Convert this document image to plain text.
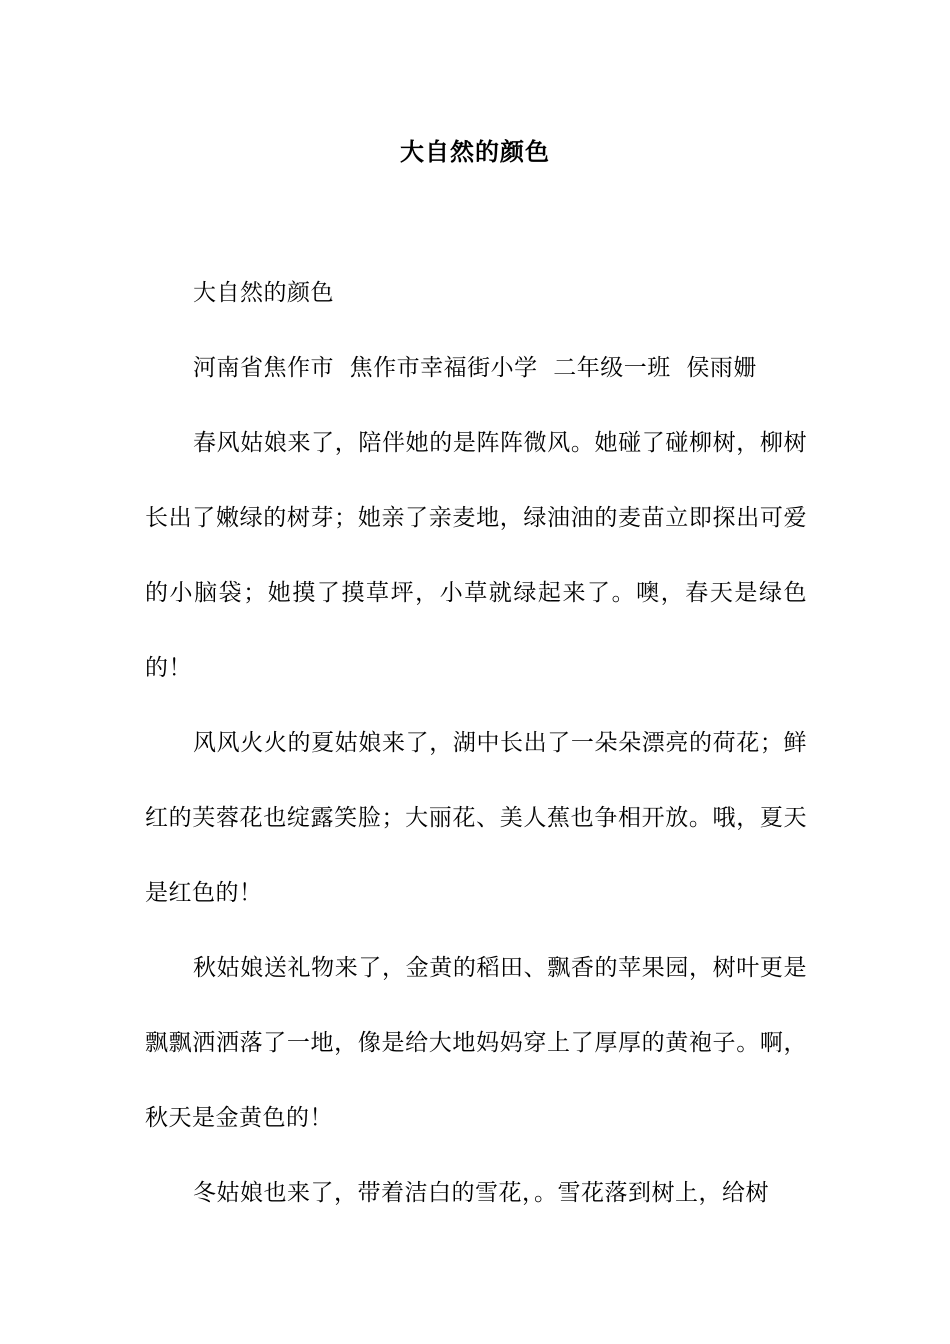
大自然的颜色

大自然的颜色

河南省焦作市  焦作市幸福街小学  二年级一班  侯雨姗

春风姑娘来了，陪伴她的是阵阵微风。她碰了碰柳树，柳树长出了嫩绿的树芽；她亲了亲麦地，绿油油的麦苗立即探出可爱的小脑袋；她摸了摸草坪，小草就绿起来了。噢，春天是绿色的！

风风火火的夏姑娘来了，湖中长出了一朵朵漂亮的荷花；鲜红的芙蓉花也绽露笑脸；大丽花、美人蕉也争相开放。哦，夏天是红色的！

秋姑娘送礼物来了，金黄的稻田、飘香的苹果园，树叶更是飘飘洒洒落了一地，像是给大地妈妈穿上了厚厚的黄袍子。啊，秋天是金黄色的！

冬姑娘也来了，带着洁白的雪花，。雪花落到树上，给树
